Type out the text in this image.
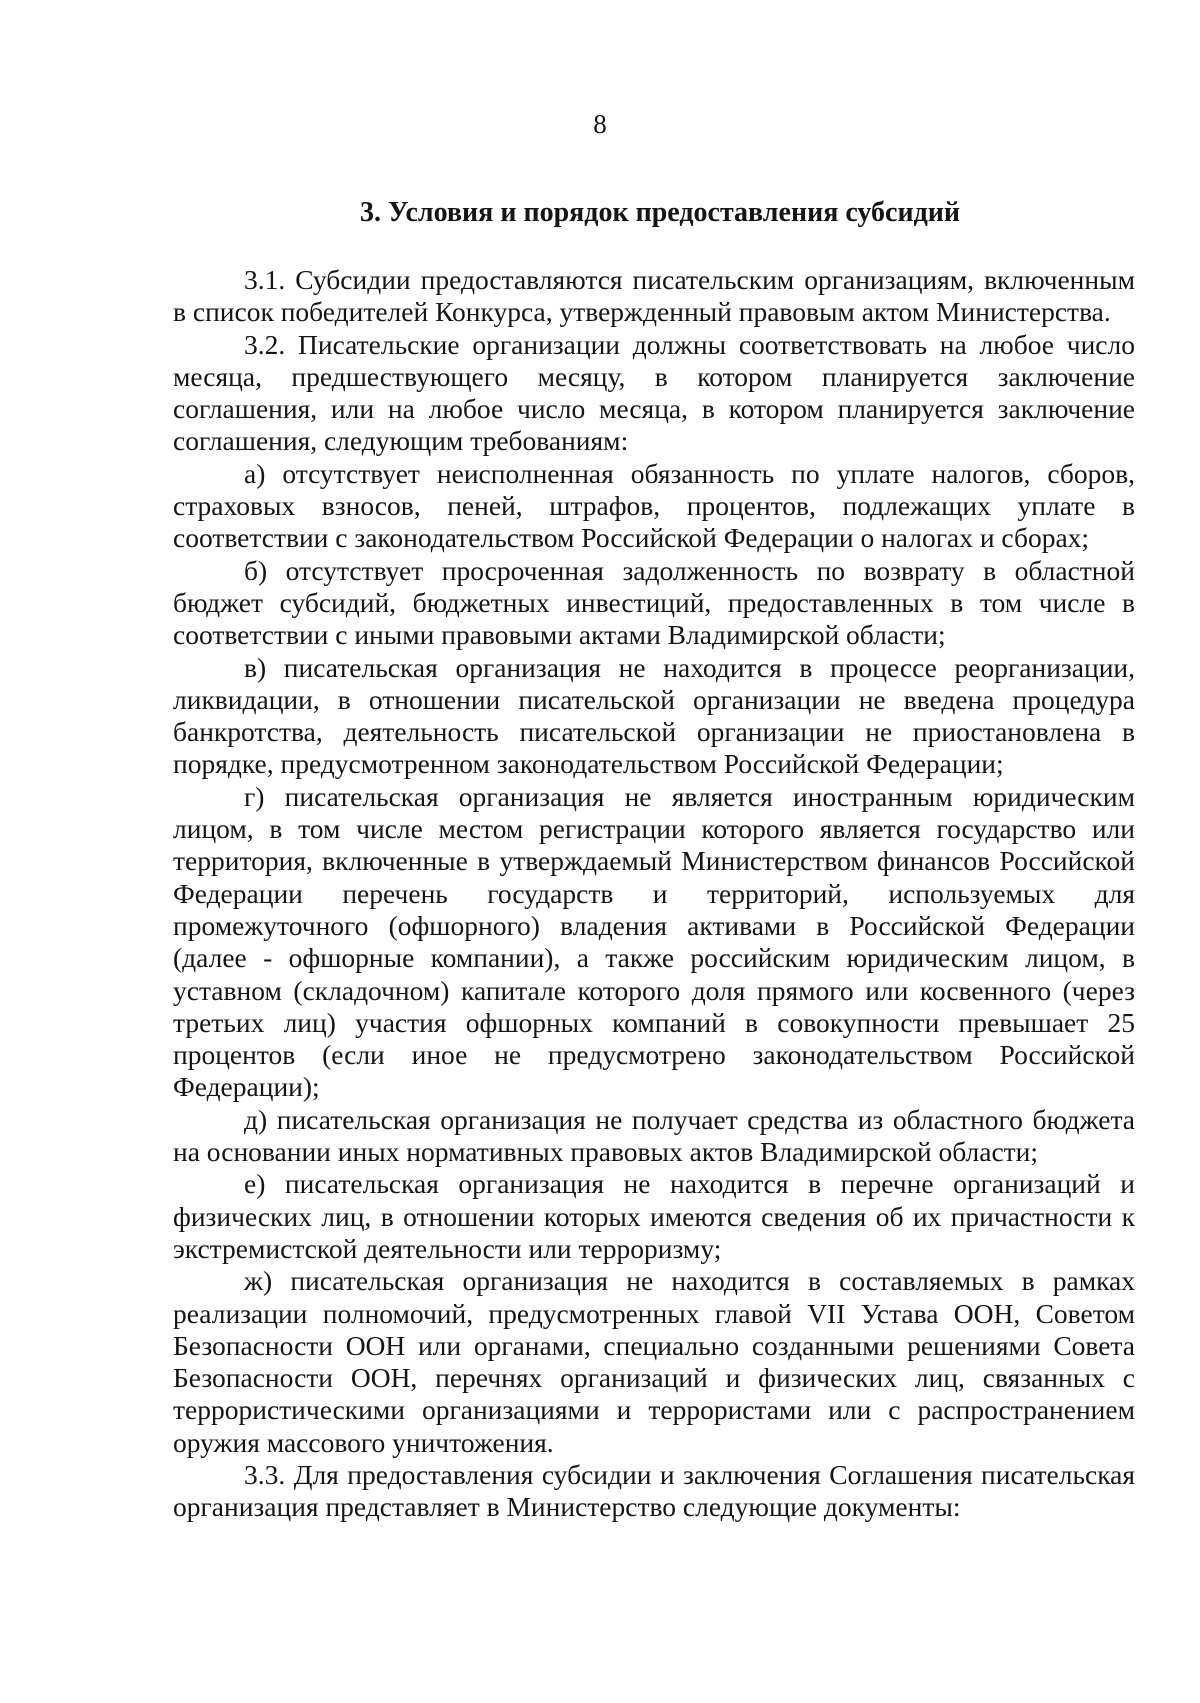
8
3. Условия и порядок предоставления субсидий

3.1. Субсидии предоставляются писательским организациям, включенным в список победителей Конкурса, утвержденный правовым актом Министерства.

3.2. Писательские организации должны соответствовать на любое число месяца, предшествующего месяцу, в котором планируется заключение соглашения, или на любое число месяца, в котором планируется заключение соглашения, следующим требованиям:

а) отсутствует неисполненная обязанность по уплате налогов, сборов, страховых взносов, пеней, штрафов, процентов, подлежащих уплате в соответствии с законодательством Российской Федерации о налогах и сборах;

б) отсутствует просроченная задолженность по возврату в областной бюджет субсидий, бюджетных инвестиций, предоставленных в том числе в соответствии с иными правовыми актами Владимирской области;

в) писательская организация не находится в процессе реорганизации, ликвидации, в отношении писательской организации не введена процедура банкротства, деятельность писательской организации не приостановлена в порядке, предусмотренном законодательством Российской Федерации;

г) писательская организация не является иностранным юридическим лицом, в том числе местом регистрации которого является государство или территория, включенные в утверждаемый Министерством финансов Российской Федерации перечень государств и территорий, используемых для промежуточного (офшорного) владения активами в Российской Федерации (далее - офшорные компании), а также российским юридическим лицом, в уставном (складочном) капитале которого доля прямого или косвенного (через третьих лиц) участия офшорных компаний в совокупности превышает 25 процентов (если иное не предусмотрено законодательством Российской Федерации);

д) писательская организация не получает средства из областного бюджета на основании иных нормативных правовых актов Владимирской области;

е) писательская организация не находится в перечне организаций и физических лиц, в отношении которых имеются сведения об их причастности к экстремистской деятельности или терроризму;

ж) писательская организация не находится в составляемых в рамках реализации полномочий, предусмотренных главой VII Устава ООН, Советом Безопасности ООН или органами, специально созданными решениями Совета Безопасности ООН, перечнях организаций и физических лиц, связанных с террористическими организациями и террористами или с распространением оружия массового уничтожения.

3.3. Для предоставления субсидии и заключения Соглашения писательская организация представляет в Министерство следующие документы:
